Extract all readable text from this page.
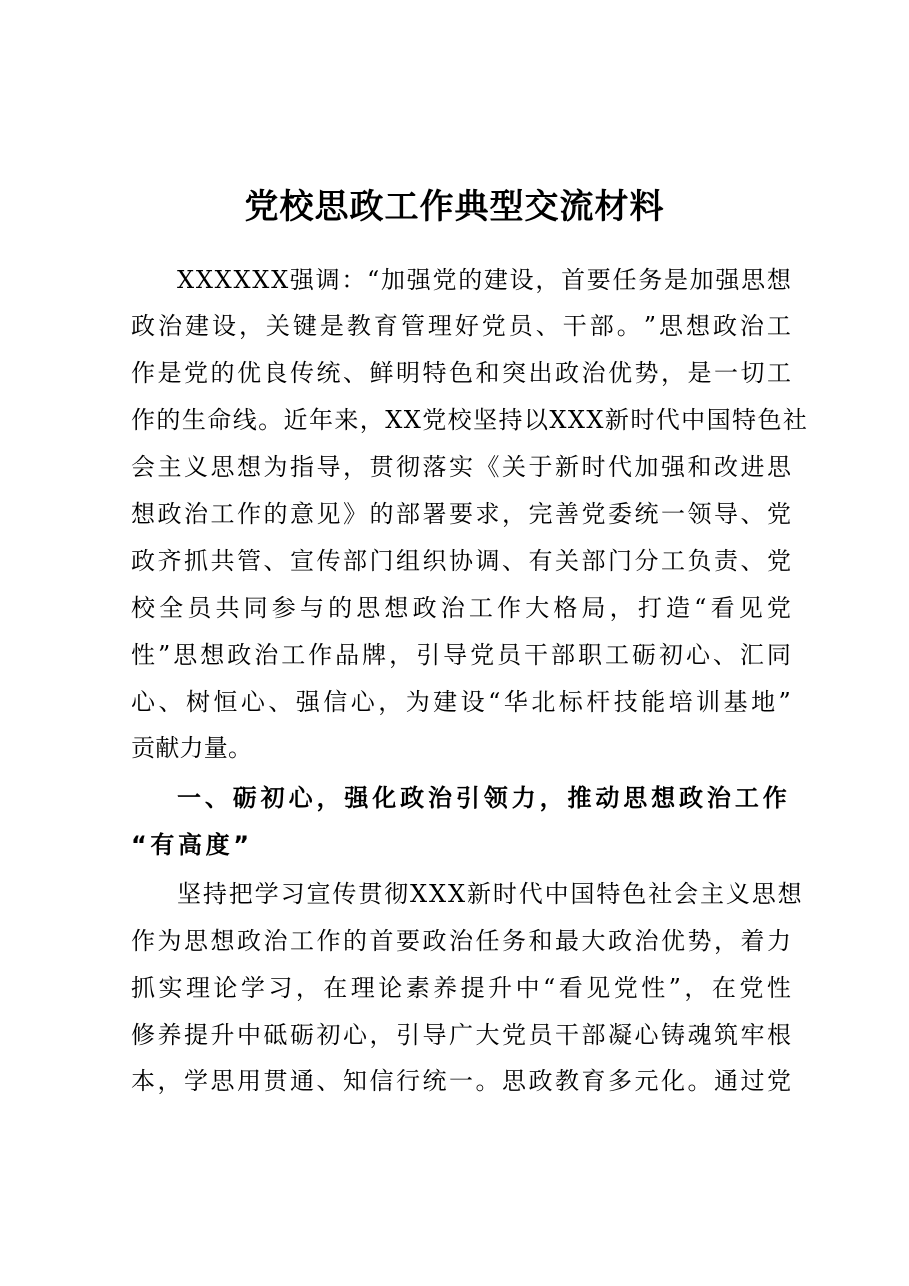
党校思政工作典型交流材料

X X X X X X 强 调 ： “ 加 强 党 的 建 设 ， 首 要 任 务 是 加 强 思 想

政 治 建 设 ， 关 键 是 教 育 管 理 好 党 员 、 干 部 。 ” 思 想 政 治 工

作 是 党 的 优 良 传 统 、 鲜 明 特 色 和 突 出 政 治 优 势 ， 是 一 切 工

作 的 生 命 线 。 近 年 来 ， X X 党 校 坚 持 以 X X X 新 时 代 中 国 特 色 社

会 主 义 思 想 为 指 导 ， 贯 彻 落 实 《 关 于 新 时 代 加 强 和 改 进 思

想 政 治 工 作 的 意 见 》 的 部 署 要 求 ， 完 善 党 委 统 一 领 导 、 党

政 齐 抓 共 管 、 宣 传 部 门 组 织 协 调 、 有 关 部 门 分 工 负 责 、 党

校 全 员 共 同 参 与 的 思 想 政 治 工 作 大 格 局 ， 打 造 “ 看 见 党

性 ” 思 想 政 治 工 作 品 牌 ， 引 导 党 员 干 部 职 工 砺 初 心 、 汇 同

心 、 树 恒 心 、 强 信 心 ， 为 建 设 “ 华 北 标 杆 技 能 培 训 基 地 ”

贡 献 力 量 。

一 、 砺 初 心 ， 强 化 政 治 引 领 力 ， 推 动 思 想 政 治 工 作

“ 有 高 度 ”

坚 持 把 学 习 宣 传 贯 彻 X X X 新 时 代 中 国 特 色 社 会 主 义 思 想

作 为 思 想 政 治 工 作 的 首 要 政 治 任 务 和 最 大 政 治 优 势 ， 着 力

抓 实 理 论 学 习 ， 在 理 论 素 养 提 升 中 “ 看 见 党 性 ” ， 在 党 性

修 养 提 升 中 砥 砺 初 心 ， 引 导 广 大 党 员 干 部 凝 心 铸 魂 筑 牢 根

本 ， 学 思 用 贯 通 、 知 信 行 统 一 。 思 政 教 育 多 元 化 。 通 过 党
